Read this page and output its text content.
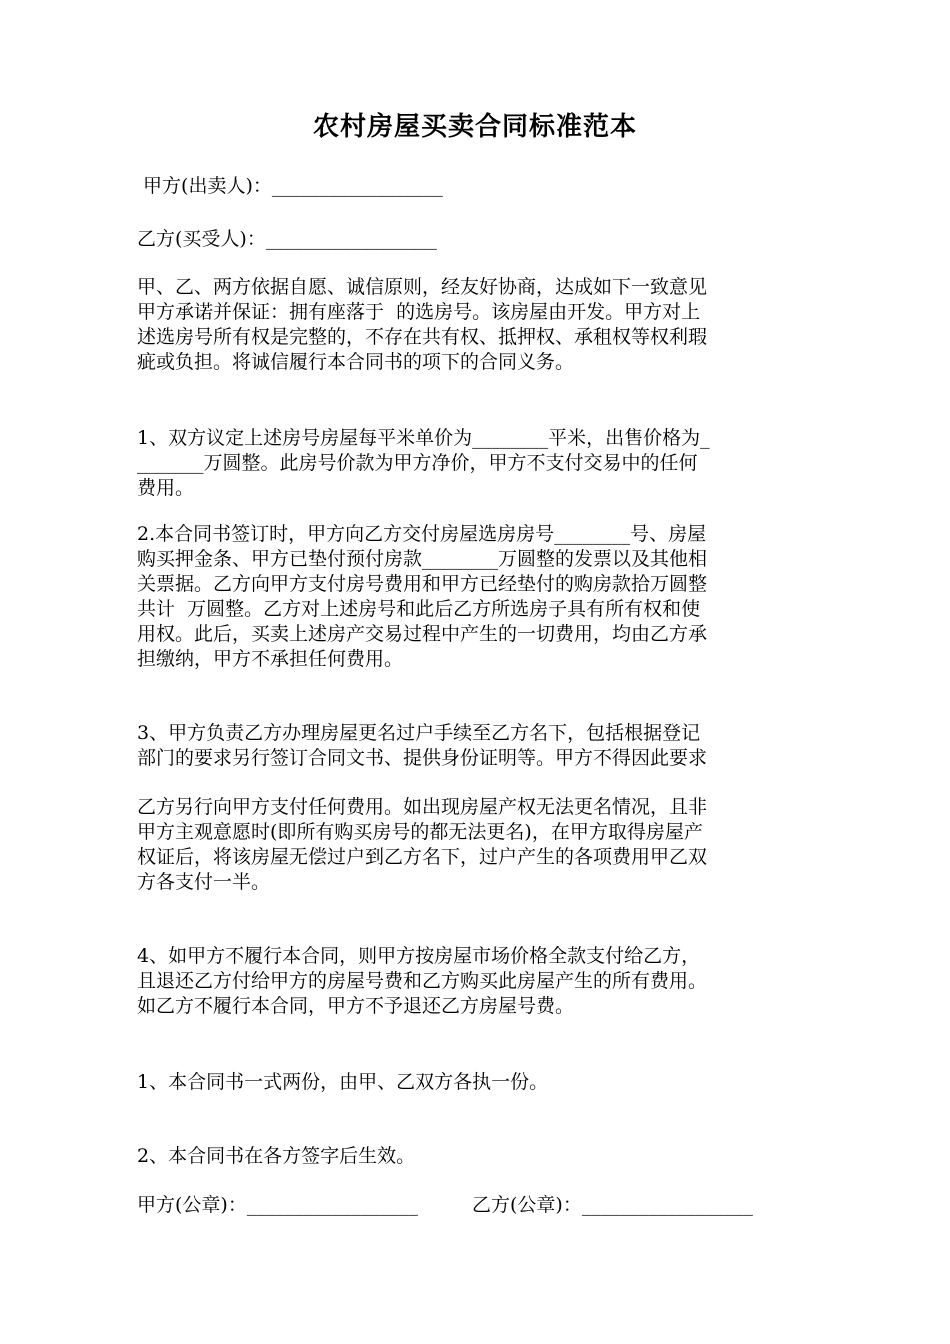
农村房屋买卖合同标准范本
甲方(出卖人)：__________________
乙方(买受人)：__________________
甲、乙、两方依据自愿、诚信原则，经友好协商，达成如下一致意见
甲方承诺并保证：拥有座落于  的选房号。该房屋由开发。甲方对上
述选房号所有权是完整的，不存在共有权、抵押权、承租权等权利瑕
疵或负担。将诚信履行本合同书的项下的合同义务。
1、双方议定上述房号房屋每平米单价为________平米，出售价格为_
_______万圆整。此房号价款为甲方净价，甲方不支付交易中的任何
费用。
2.本合同书签订时，甲方向乙方交付房屋选房房号________号、房屋
购买押金条、甲方已垫付预付房款________万圆整的发票以及其他相
关票据。乙方向甲方支付房号费用和甲方已经垫付的购房款拾万圆整
共计  万圆整。乙方对上述房号和此后乙方所选房子具有所有权和使
用权。此后，买卖上述房产交易过程中产生的一切费用，均由乙方承
担缴纳，甲方不承担任何费用。
3、甲方负责乙方办理房屋更名过户手续至乙方名下，包括根据登记
部门的要求另行签订合同文书、提供身份证明等。甲方不得因此要求
乙方另行向甲方支付任何费用。如出现房屋产权无法更名情况，且非
甲方主观意愿时(即所有购买房号的都无法更名)，在甲方取得房屋产
权证后，将该房屋无偿过户到乙方名下，过户产生的各项费用甲乙双
方各支付一半。
4、如甲方不履行本合同，则甲方按房屋市场价格全款支付给乙方，
且退还乙方付给甲方的房屋号费和乙方购买此房屋产生的所有费用。
如乙方不履行本合同，甲方不予退还乙方房屋号费。
1、本合同书一式两份，由甲、乙双方各执一份。
2、本合同书在各方签字后生效。
甲方(公章)：__________________	乙方(公章)：__________________
